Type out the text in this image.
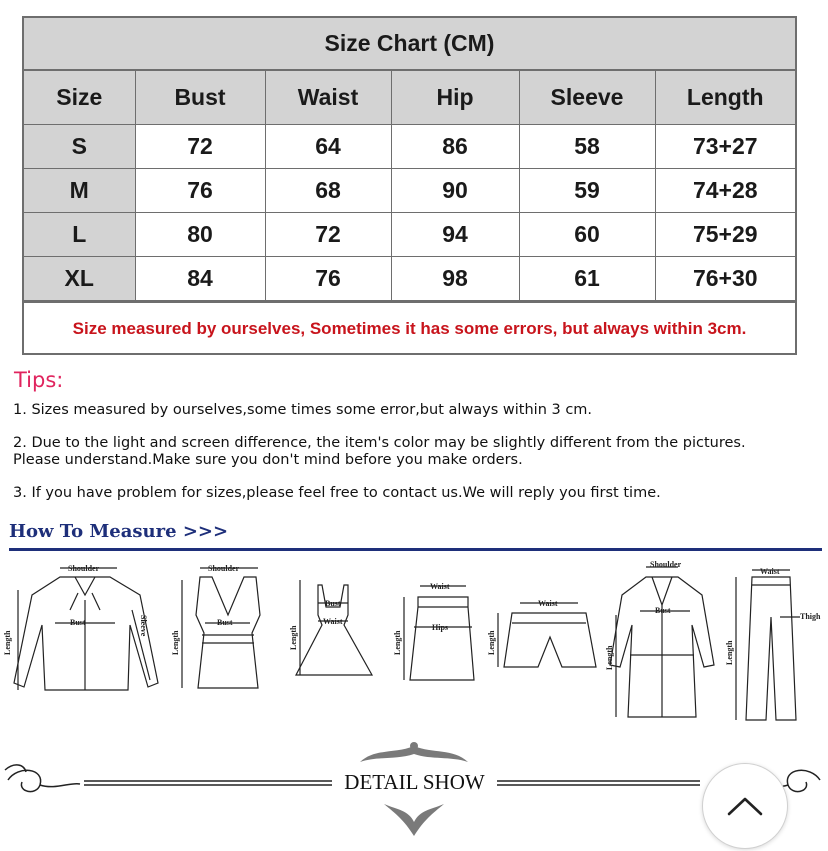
Size Chart (CM)
Size	Bust	Waist	Hip	Sleeve	Length
S	72	64	86	58	73+27
M	76	68	90	59	74+28
L	80	72	94	60	75+29
XL	84	76	98	61	76+30
Size measured by ourselves, Sometimes it has some errors, but always within 3cm.
Tips:
1. Sizes measured by ourselves,some times some error,but always within 3 cm.
2. Due to the light and screen difference, the item's color may be slightly different from the pictures.
Please understand.Make sure you don't mind before you make orders.
3. If you have problem for sizes,please feel free to contact us.We will reply you first time.
How To Measure >>>
Shoulder
Bust
Length
Sleeve
Shoulder
Bust
Length
Bust
Waist
Length
Waist
Hips
Length
Waist
Length
Shoulder
Bust
Length
Waist
Thigh
Length
DETAIL SHOW
